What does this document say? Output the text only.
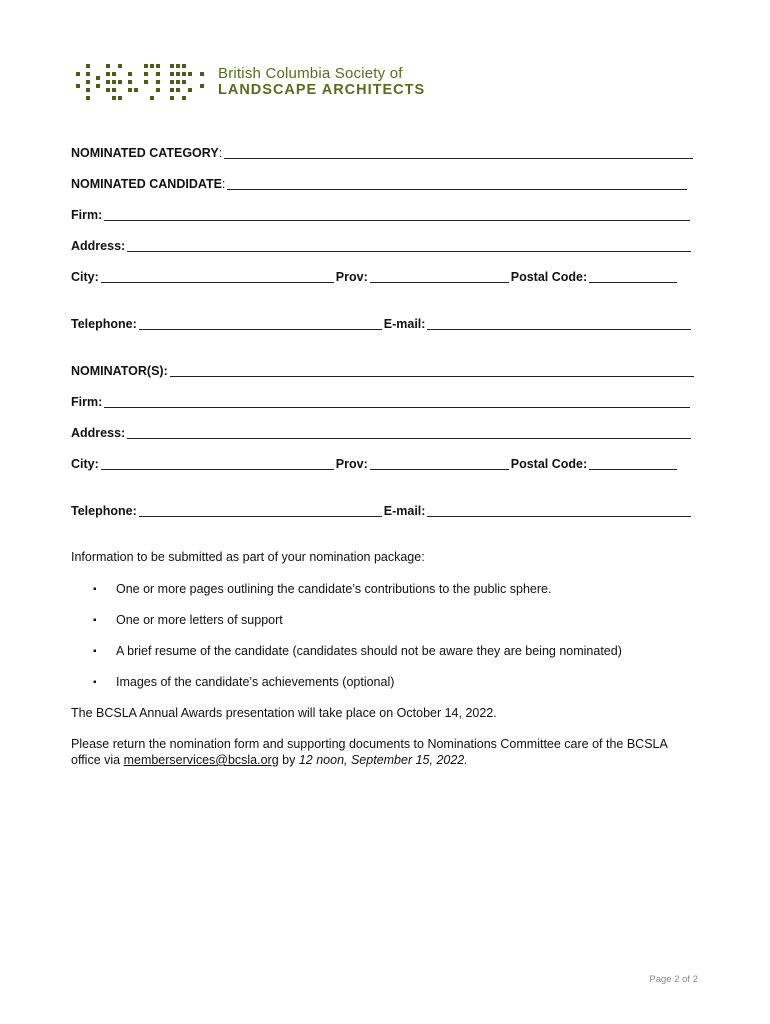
British Columbia Society of
LANDSCAPE ARCHITECTS
NOMINATED CATEGORY :
NOMINATED CANDIDATE :
Firm:
Address:
City:	Prov:	Postal Code:
Telephone:	E-mail:
NOMINATOR(S):
Firm:
Address:
City:	Prov:	Postal Code:
Telephone:	E-mail:
Information to be submitted as part of your nomination package:
▪	One or more pages outlining the candidate’s contributions to the public sphere.
▪	One or more letters of support
▪	A brief resume of the candidate (candidates should not be aware they are being nominated)
▪	Images of the candidate’s achievements (optional)
The BCSLA Annual Awards presentation will take place on October 14, 2022.
Please return the nomination form and supporting documents to Nominations Committee care of the BCSLA
office via memberservices@bcsla.org by 12 noon, September 15, 2022.
Page 2 of 2
